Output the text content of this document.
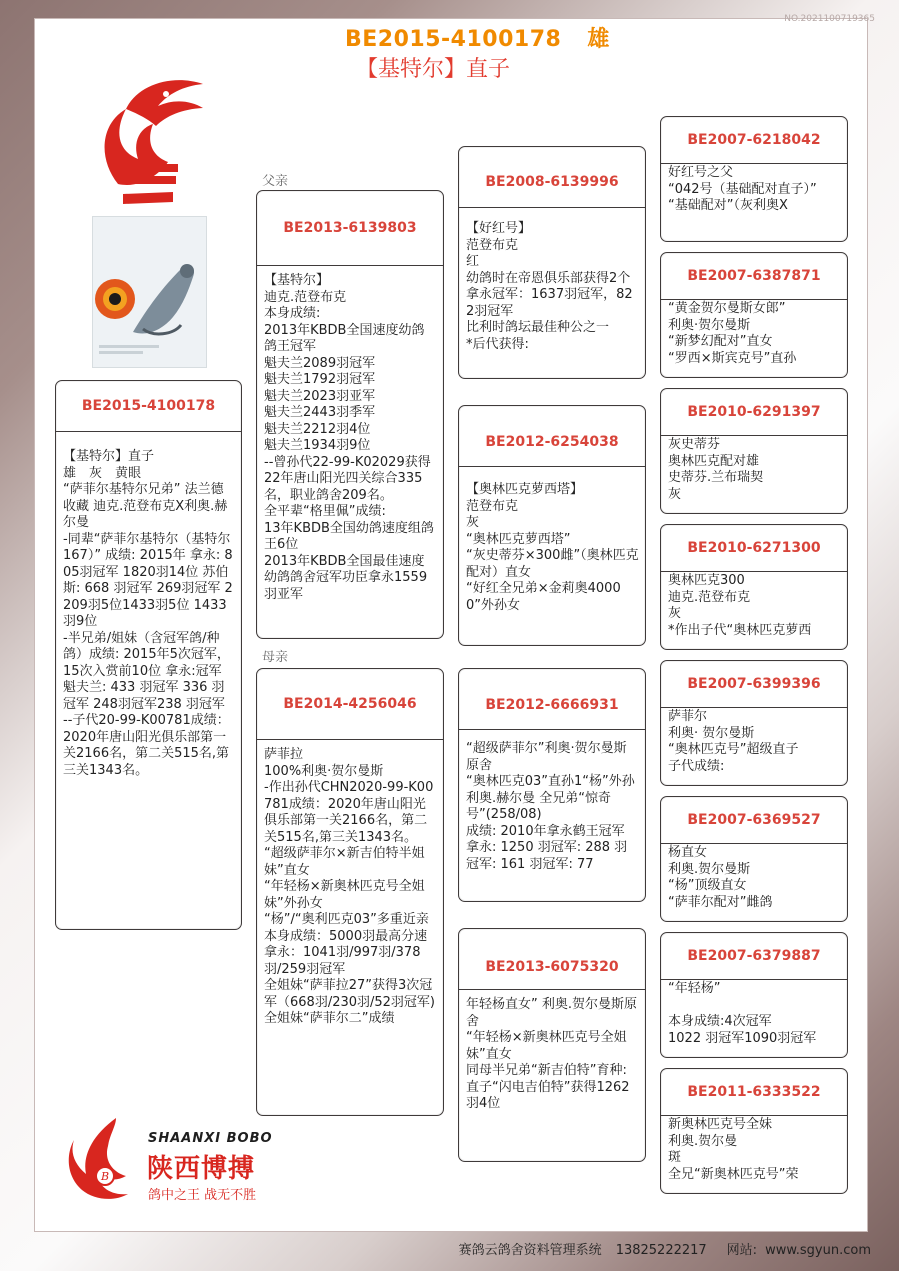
NO.2021100719365
BE2015-4100178 雄
【基特尔】直子
父亲
母亲
BE2015-4100178
【基特尔】直子
雄　灰　黄眼
“萨菲尔基特尔兄弟” 法兰德收藏 迪克.范登布克X利奥.赫尔曼
-同辈“萨菲尔基特尔（基特尔167）” 成绩: 2015年 拿永: 805羽冠军 1820羽14位 苏伯斯: 668 羽冠军 269羽冠军 2209羽5位1433羽5位 1433羽9位
-半兄弟/姐妹（含冠军鸽/种鸽）成绩: 2015年5次冠军，15次入赏前10位 拿永:冠军 魁夫兰: 433 羽冠军 336 羽冠军 248羽冠军238 羽冠军
--子代20-99-K00781成绩：2020年唐山阳光俱乐部第一关2166名，第二关515名,第三关1343名。
BE2013-6139803
【基特尔】
迪克.范登布克
本身成绩:
2013年KBDB全国速度幼鸽鸽王冠军
魁夫兰2089羽冠军
魁夫兰1792羽冠军
魁夫兰2023羽亚军
魁夫兰2443羽季军
魁夫兰2212羽4位
魁夫兰1934羽9位
--曾孙代22-99-K02029获得22年唐山阳光四关综合335名，职业鸽舍209名。
全平辈“格里佩”成绩:
13年KBDB全国幼鸽速度组鸽王6位
2013年KBDB全国最佳速度幼鸽鸽舍冠军功臣拿永1559羽亚军
BE2014-4256046
萨菲拉
100%利奥·贺尔曼斯
-作出孙代CHN2020-99-K00781成绩：2020年唐山阳光俱乐部第一关2166名，第二关515名,第三关1343名。
“超级萨菲尔×新吉伯特半姐妹”直女
“年轻杨×新奥林匹克号全姐妹”外孙女
“杨”/“奥利匹克03”多重近亲
本身成绩：5000羽最高分速
拿永：1041羽/997羽/378羽/259羽冠军
全姐妹“萨菲拉27”获得3次冠军（668羽/230羽/52羽冠军)
全姐妹“萨菲尔二”成绩
BE2008-6139996
【好红号】
范登布克
红
幼鸽时在帝恩俱乐部获得2个拿永冠军：1637羽冠军，822羽冠军
比利时鸽坛最佳种公之一
*后代获得:
BE2012-6254038
【奥林匹克萝西塔】
范登布克
灰
“奥林匹克萝西塔”
“灰史蒂芬×300雌”（奥林匹克配对）直女
“好红全兄弟×金莉奥40000”外孙女
BE2012-6666931
“超级萨菲尔”利奥·贺尔曼斯原舍
“奥林匹克03”直孙1“杨”外孙 利奥.赫尔曼 全兄弟“惊奇号”(258/08)
成绩: 2010年拿永鹤王冠军 拿永: 1250 羽冠军: 288 羽冠军: 161 羽冠军: 77
BE2013-6075320
年轻杨直女” 利奥.贺尔曼斯原舍
“年轻杨×新奥林匹克号全姐妹”直女
同母半兄弟“新吉伯特”育种:
直子“闪电吉伯特”获得1262羽4位
BE2007-6218042
好红号之父
“042号（基础配对直子）”
“基础配对”（灰利奥X
BE2007-6387871
“黄金贺尔曼斯女郎”
利奥·贺尔曼斯
“新梦幻配对”直女
“罗西×斯宾克号”直孙
BE2010-6291397
灰史蒂芬
奥林匹克配对雄
史蒂芬.兰布瑞契
灰
BE2010-6271300
奥林匹克300
迪克.范登布克
灰
*作出子代“奥林匹克萝西
BE2007-6399396
萨菲尔
利奥· 贺尔曼斯
“奥林匹克号”超级直子
子代成绩:
BE2007-6369527
杨直女
利奥.贺尔曼斯
“杨”顶级直女
“萨菲尔配对”雌鸽
BE2007-6379887
“年轻杨”

本身成绩:4次冠军
1022 羽冠军1090羽冠军
BE2011-6333522
新奥林匹克号全妹
利奥.贺尔曼
斑
全兄“新奥林匹克号”荣
B
SHAANXI BOBO
陕西博搏
鸽中之王 战无不胜
赛鸽云鸽舍资料管理系统 13825222217 网站: www.sgyun.com
